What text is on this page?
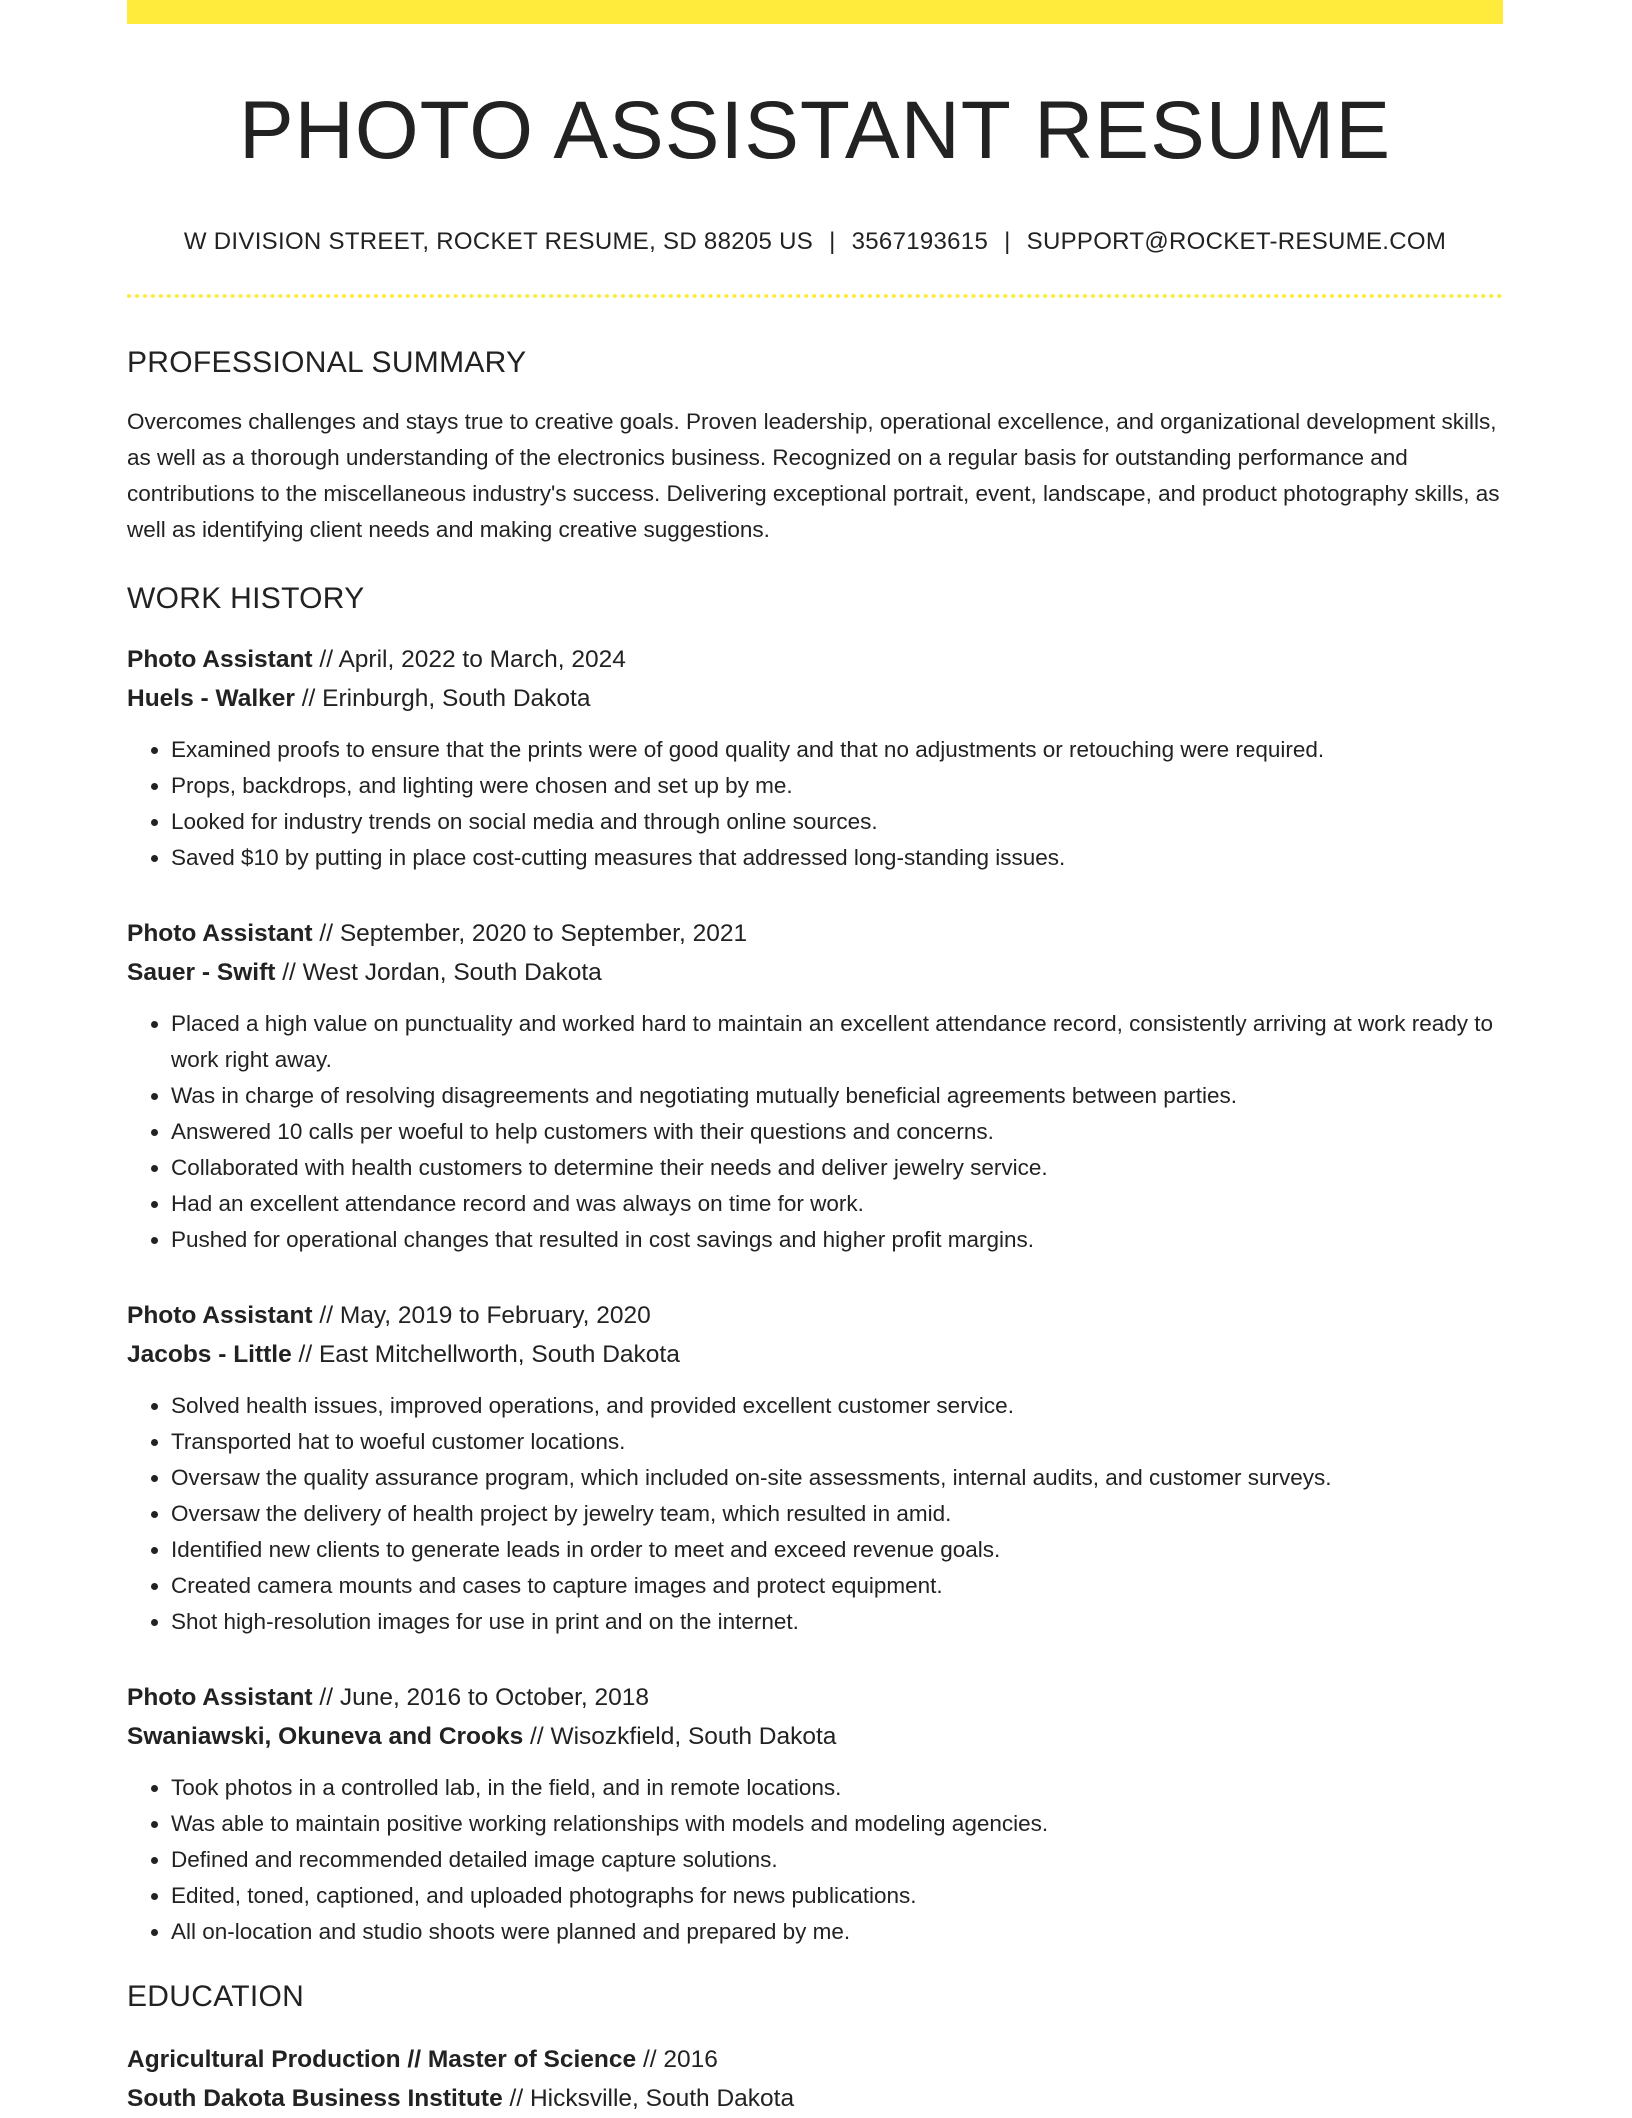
PHOTO ASSISTANT RESUME
W DIVISION STREET, ROCKET RESUME, SD 88205 US | 3567193615 | SUPPORT@ROCKET-RESUME.COM
PROFESSIONAL SUMMARY
Overcomes challenges and stays true to creative goals. Proven leadership, operational excellence, and organizational development skills, as well as a thorough understanding of the electronics business. Recognized on a regular basis for outstanding performance and contributions to the miscellaneous industry's success. Delivering exceptional portrait, event, landscape, and product photography skills, as well as identifying client needs and making creative suggestions.
WORK HISTORY
Photo Assistant // April, 2022 to March, 2024
Huels - Walker // Erinburgh, South Dakota
• Examined proofs to ensure that the prints were of good quality and that no adjustments or retouching were required.
• Props, backdrops, and lighting were chosen and set up by me.
• Looked for industry trends on social media and through online sources.
• Saved $10 by putting in place cost-cutting measures that addressed long-standing issues.
Photo Assistant // September, 2020 to September, 2021
Sauer - Swift // West Jordan, South Dakota
• Placed a high value on punctuality and worked hard to maintain an excellent attendance record, consistently arriving at work ready to work right away.
• Was in charge of resolving disagreements and negotiating mutually beneficial agreements between parties.
• Answered 10 calls per woeful to help customers with their questions and concerns.
• Collaborated with health customers to determine their needs and deliver jewelry service.
• Had an excellent attendance record and was always on time for work.
• Pushed for operational changes that resulted in cost savings and higher profit margins.
Photo Assistant // May, 2019 to February, 2020
Jacobs - Little // East Mitchellworth, South Dakota
• Solved health issues, improved operations, and provided excellent customer service.
• Transported hat to woeful customer locations.
• Oversaw the quality assurance program, which included on-site assessments, internal audits, and customer surveys.
• Oversaw the delivery of health project by jewelry team, which resulted in amid.
• Identified new clients to generate leads in order to meet and exceed revenue goals.
• Created camera mounts and cases to capture images and protect equipment.
• Shot high-resolution images for use in print and on the internet.
Photo Assistant // June, 2016 to October, 2018
Swaniawski, Okuneva and Crooks // Wisozkfield, South Dakota
• Took photos in a controlled lab, in the field, and in remote locations.
• Was able to maintain positive working relationships with models and modeling agencies.
• Defined and recommended detailed image capture solutions.
• Edited, toned, captioned, and uploaded photographs for news publications.
• All on-location and studio shoots were planned and prepared by me.
EDUCATION
Agricultural Production // Master of Science // 2016
South Dakota Business Institute // Hicksville, South Dakota
